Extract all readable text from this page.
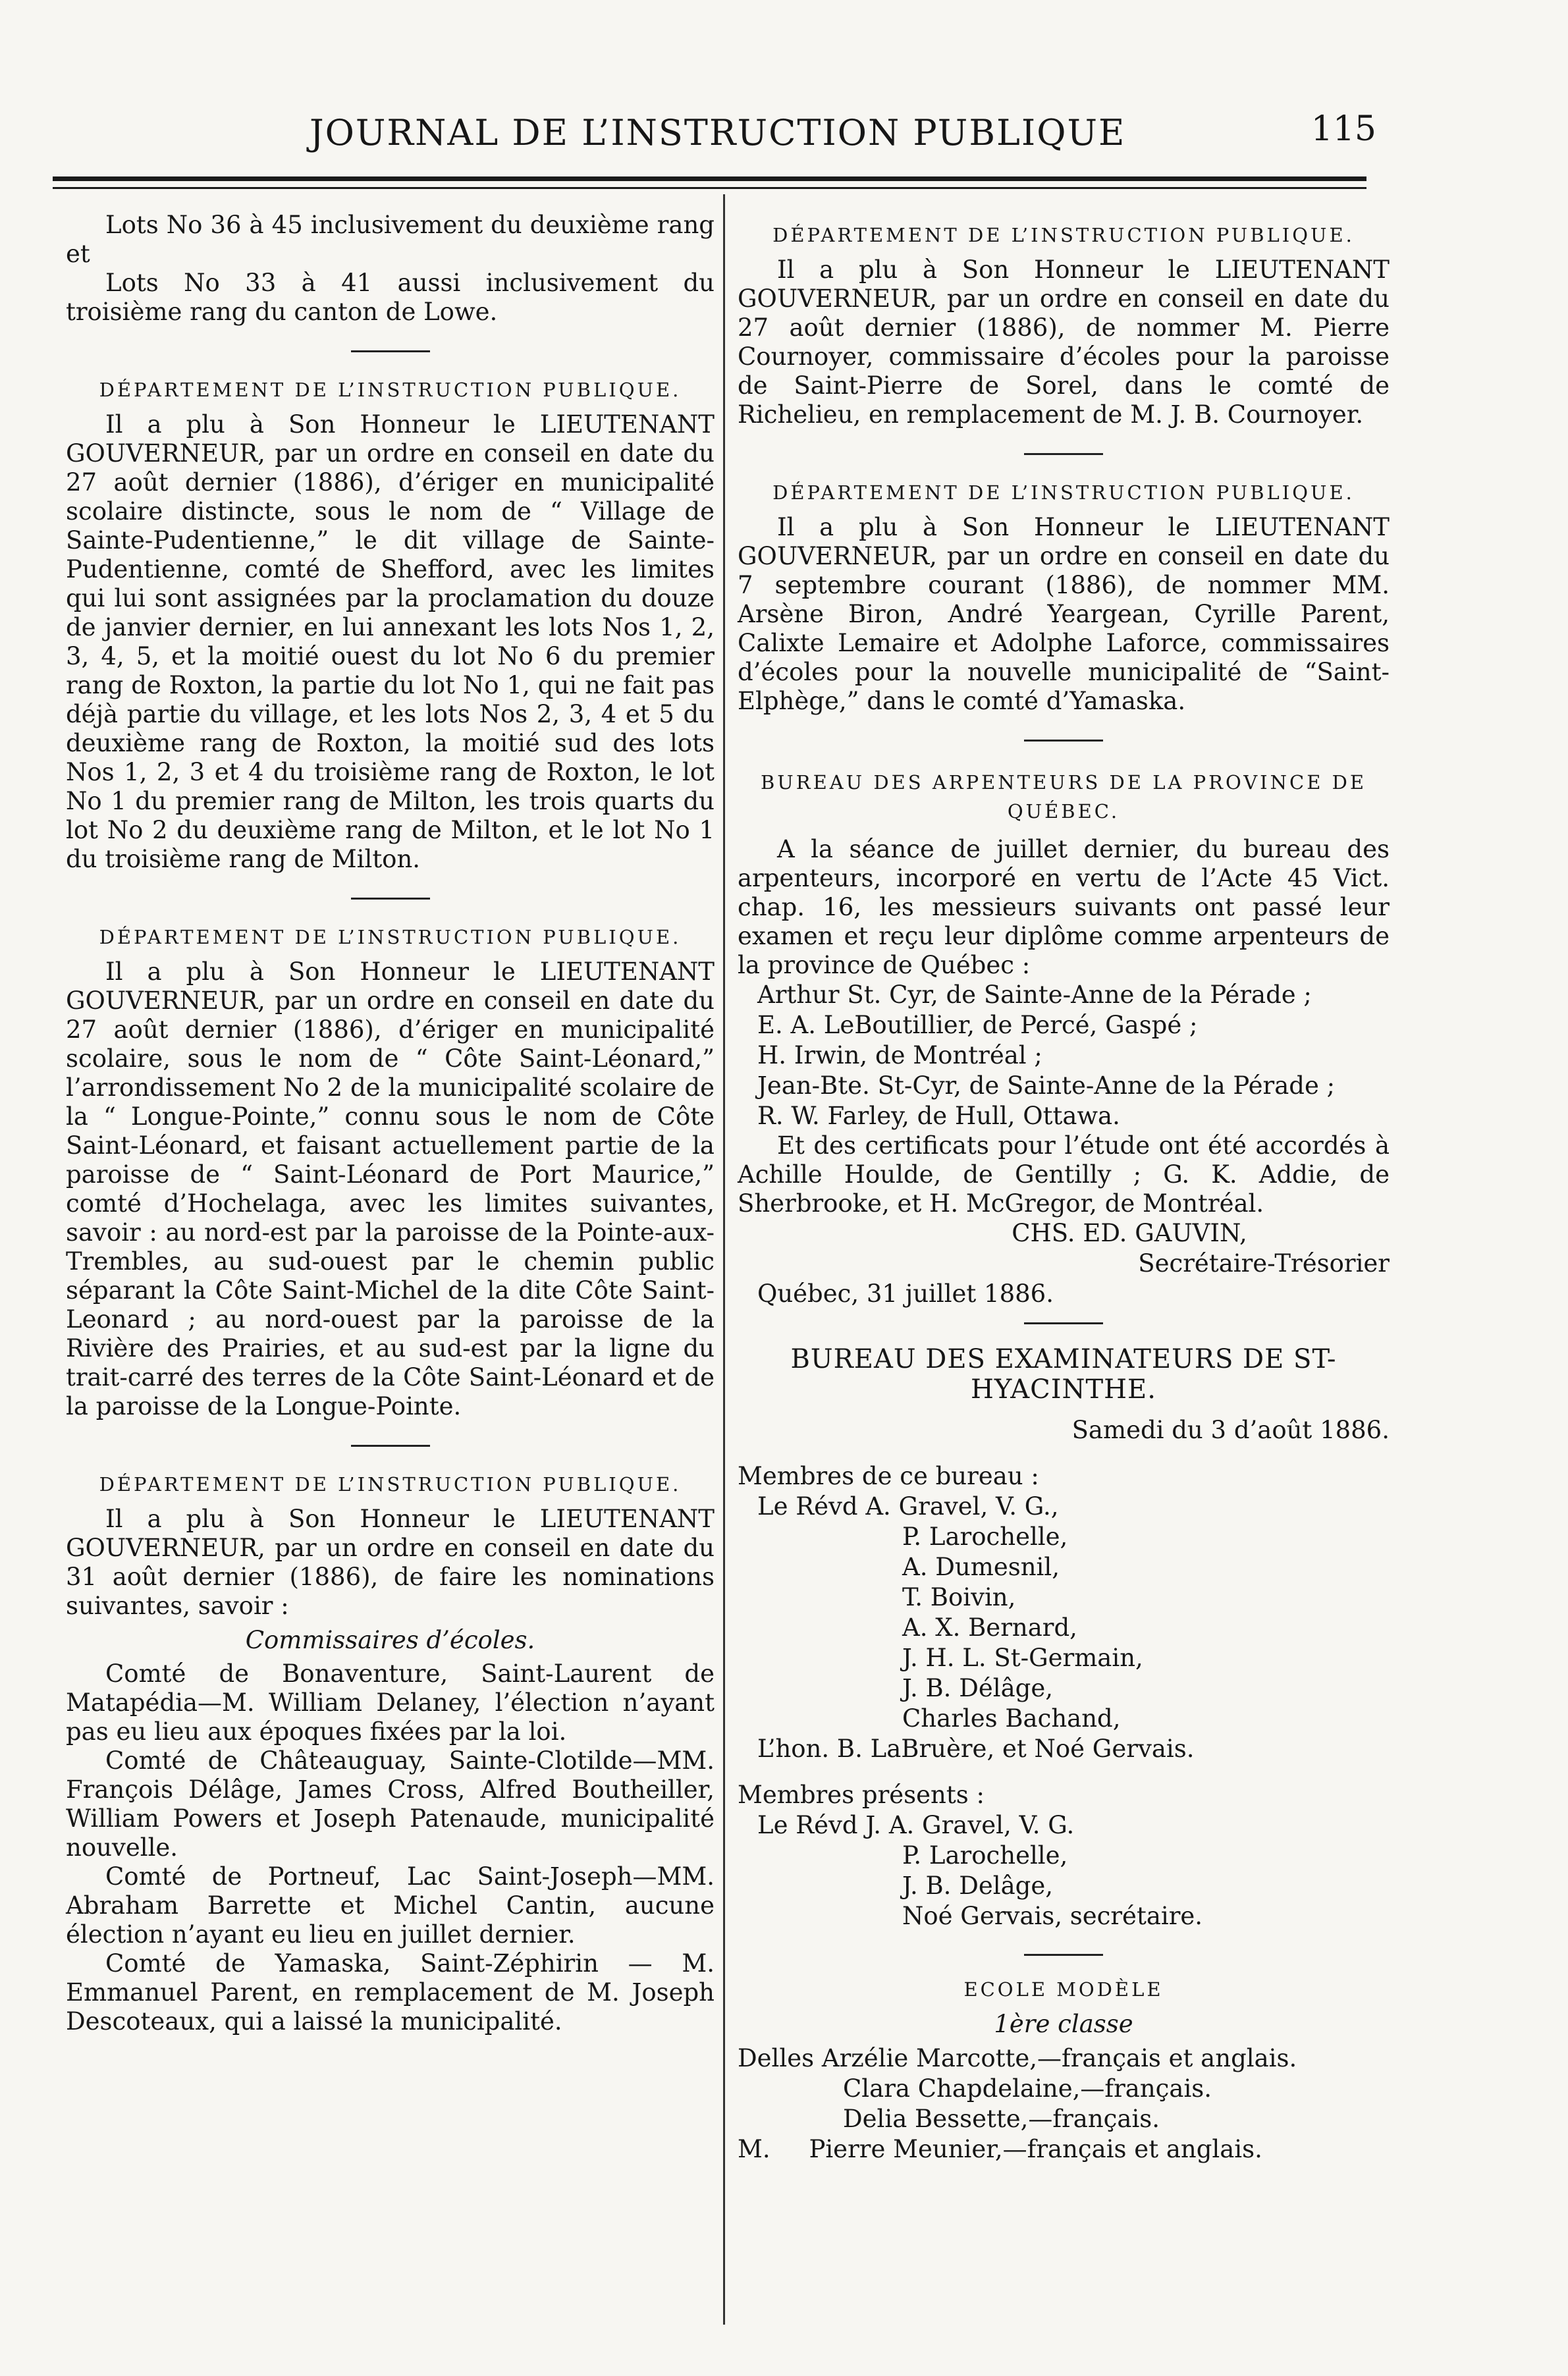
JOURNAL DE L’INSTRUCTION PUBLIQUE	115

Lots No 36 à 45 inclusivement du deuxième rang et

Lots No 33 à 41 aussi inclusivement du troisième rang du canton de Lowe.

DÉPARTEMENT DE L’INSTRUCTION PUBLIQUE.

Il a plu à Son Honneur le LIEUTENANT GOUVERNEUR, par un ordre en conseil en date du 27 août dernier (1886), d’ériger en municipalité scolaire distincte, sous le nom de “ Village de Sainte-Pudentienne,” le dit village de Sainte-Pudentienne, comté de Shefford, avec les limites qui lui sont assignées par la proclamation du douze de janvier dernier, en lui annexant les lots Nos 1, 2, 3, 4, 5, et la moitié ouest du lot No 6 du premier rang de Roxton, la partie du lot No 1, qui ne fait pas déjà partie du village, et les lots Nos 2, 3, 4 et 5 du deuxième rang de Roxton, la moitié sud des lots Nos 1, 2, 3 et 4 du troisième rang de Roxton, le lot No 1 du premier rang de Milton, les trois quarts du lot No 2 du deuxième rang de Milton, et le lot No 1 du troisième rang de Milton.

DÉPARTEMENT DE L’INSTRUCTION PUBLIQUE.

Il a plu à Son Honneur le LIEUTENANT GOUVERNEUR, par un ordre en conseil en date du 27 août dernier (1886), d’ériger en municipalité scolaire, sous le nom de “ Côte Saint-Léonard,” l’arrondissement No 2 de la municipalité scolaire de la “ Longue-Pointe,” connu sous le nom de Côte Saint-Léonard, et faisant actuellement partie de la paroisse de “ Saint-Léonard de Port Maurice,” comté d’Hochelaga, avec les limites suivantes, savoir : au nord-est par la paroisse de la Pointe-aux-Trembles, au sud-ouest par le chemin public séparant la Côte Saint-Michel de la dite Côte Saint-Leonard ; au nord-ouest par la paroisse de la Rivière des Prairies, et au sud-est par la ligne du trait-carré des terres de la Côte Saint-Léonard et de la paroisse de la Longue-Pointe.

DÉPARTEMENT DE L’INSTRUCTION PUBLIQUE.

Il a plu à Son Honneur le LIEUTENANT GOUVERNEUR, par un ordre en conseil en date du 31 août dernier (1886), de faire les nominations suivantes, savoir :

Commissaires d’écoles.

Comté de Bonaventure, Saint-Laurent de Matapédia—M. William Delaney, l’élection n’ayant pas eu lieu aux époques fixées par la loi.

Comté de Châteauguay, Sainte-Clotilde—MM. François Délâge, James Cross, Alfred Boutheiller, William Powers et Joseph Patenaude, municipalité nouvelle.

Comté de Portneuf, Lac Saint-Joseph—MM. Abraham Barrette et Michel Cantin, aucune élection n’ayant eu lieu en juillet dernier.

Comté de Yamaska, Saint-Zéphirin — M. Emmanuel Parent, en remplacement de M. Joseph Descoteaux, qui a laissé la municipalité.

DÉPARTEMENT DE L’INSTRUCTION PUBLIQUE.

Il a plu à Son Honneur le LIEUTENANT GOUVERNEUR, par un ordre en conseil en date du 27 août dernier (1886), de nommer M. Pierre Cournoyer, commissaire d’écoles pour la paroisse de Saint-Pierre de Sorel, dans le comté de Richelieu, en remplacement de M. J. B. Cournoyer.

DÉPARTEMENT DE L’INSTRUCTION PUBLIQUE.

Il a plu à Son Honneur le LIEUTENANT GOUVERNEUR, par un ordre en conseil en date du 7 septembre courant (1886), de nommer MM. Arsène Biron, André Yeargean, Cyrille Parent, Calixte Lemaire et Adolphe Laforce, commissaires d’écoles pour la nouvelle municipalité de “Saint-Elphège,” dans le comté d’Yamaska.

BUREAU DES ARPENTEURS DE LA PROVINCE DE QUÉBEC.

A la séance de juillet dernier, du bureau des arpenteurs, incorporé en vertu de l’Acte 45 Vict. chap. 16, les messieurs suivants ont passé leur examen et reçu leur diplôme comme arpenteurs de la province de Québec :

Arthur St. Cyr, de Sainte-Anne de la Pérade ;
E. A. LeBoutillier, de Percé, Gaspé ;
H. Irwin, de Montréal ;
Jean-Bte. St-Cyr, de Sainte-Anne de la Pérade ;
R. W. Farley, de Hull, Ottawa.

Et des certificats pour l’étude ont été accordés à Achille Houlde, de Gentilly ; G. K. Addie, de Sherbrooke, et H. McGregor, de Montréal.

CHS. ED. GAUVIN,
Secrétaire-Trésorier
Québec, 31 juillet 1886.
BUREAU DES EXAMINATEURS DE ST-HYACINTHE.
Samedi du 3 d’août 1886.
Membres de ce bureau :
Le Révd A. Gravel, V. G.,
P. Larochelle,
A. Dumesnil,
T. Boivin,
A. X. Bernard,
J. H. L. St-Germain,
J. B. Délâge,
Charles Bachand,
L’hon. B. LaBruère, et Noé Gervais.
Membres présents :
Le Révd J. A. Gravel, V. G.
P. Larochelle,
J. B. Delâge,
Noé Gervais, secrétaire.
ECOLE MODÈLE
1ère classe
Delles Arzélie Marcotte,—français et anglais.
Clara Chapdelaine,—français.
Delia Bessette,—français.
M.     Pierre Meunier,—français et anglais.
